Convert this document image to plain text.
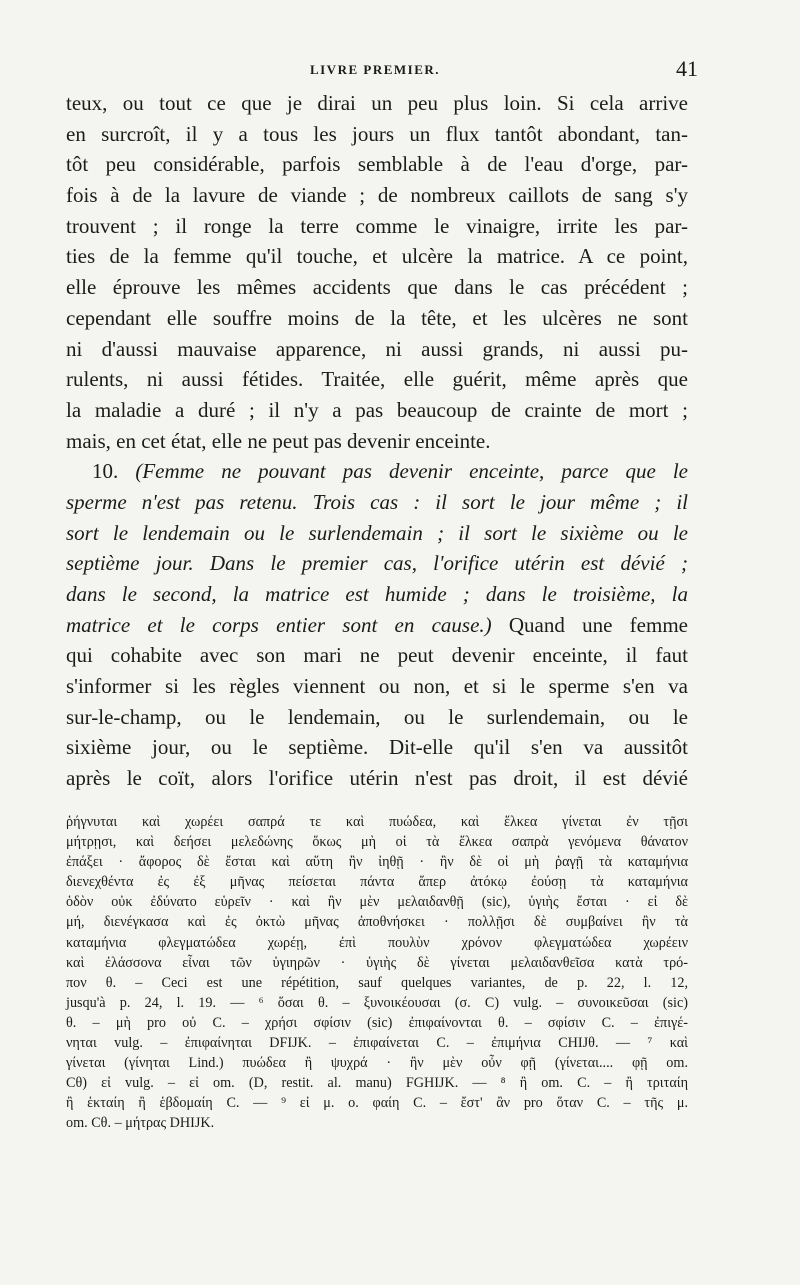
LIVRE PREMIER.	41
teux, ou tout ce que je dirai un peu plus loin. Si cela arrive
en surcroît, il y a tous les jours un flux tantôt abondant, tan-
tôt peu considérable, parfois semblable à de l'eau d'orge, par-
fois à de la lavure de viande ; de nombreux caillots de sang s'y
trouvent ; il ronge la terre comme le vinaigre, irrite les par-
ties de la femme qu'il touche, et ulcère la matrice. A ce point,
elle éprouve les mêmes accidents que dans le cas précédent ;
cependant elle souffre moins de la tête, et les ulcères ne sont
ni d'aussi mauvaise apparence, ni aussi grands, ni aussi pu-
rulents, ni aussi fétides. Traitée, elle guérit, même après que
la maladie a duré ; il n'y a pas beaucoup de crainte de mort ;
mais, en cet état, elle ne peut pas devenir enceinte.
10. (Femme ne pouvant pas devenir enceinte, parce que le
sperme n'est pas retenu. Trois cas : il sort le jour même ; il
sort le lendemain ou le surlendemain ; il sort le sixième ou le
septième jour. Dans le premier cas, l'orifice utérin est dévié ;
dans le second, la matrice est humide ; dans le troisième, la
matrice et le corps entier sont en cause.) Quand une femme
qui cohabite avec son mari ne peut devenir enceinte, il faut
s'informer si les règles viennent ou non, et si le sperme s'en va
sur-le-champ, ou le lendemain, ou le surlendemain, ou le
sixième jour, ou le septième. Dit-elle qu'il s'en va aussitôt
après le coït, alors l'orifice utérin n'est pas droit, il est dévié
ῥήγνυται καὶ χωρέει σαπρά τε καὶ πυώδεα, καὶ ἕλκεα γίνεται ἐν τῇσι
μήτρῃσι, καὶ δεήσει μελεδώνης ὅκως μὴ οἱ τὰ ἕλκεα σαπρὰ γενόμενα θάνατον
ἐπάξει · ἄφορος δὲ ἔσται καὶ αὕτη ἢν ἰηθῇ · ἢν δὲ οἱ μὴ ῥαγῇ τὰ καταμήνια
διενεχθέντα ἐς ἐξ μῆνας πείσεται πάντα ἅπερ ἀτόκῳ ἐούσῃ τὰ καταμήνια
ὁδὸν οὐκ ἐδύνατο εὑρεῖν · καὶ ἢν μὲν μελαιδανθῇ (sic), ὑγιὴς ἔσται · εἰ δὲ
μή, διενέγκασα καὶ ἐς ὀκτὼ μῆνας ἀποθνήσκει · πολλῇσι δὲ συμβαίνει ἢν τὰ
καταμήνια φλεγματώδεα χωρέῃ, ἐπὶ πουλὺν χρόνον φλεγματώδεα χωρέειν
καὶ ἐλάσσονα εἶναι τῶν ὑγιηρῶν · ὑγιὴς δὲ γίνεται μελαιδανθεῖσα κατὰ τρό-
πον θ. – Ceci est une répétition, sauf quelques variantes, de p. 22, l. 12,
jusqu'à p. 24, l. 19. — ⁶ ὅσαι θ. – ξυνοικέουσαι (σ. C) vulg. – συνοικεῦσαι (sic)
θ. – μὴ pro οὐ C. – χρήσι σφίσιν (sic) ἐπιφαίνονται θ. – σφίσιν C. – ἐπιγέ-
νηται vulg. – ἐπιφαίνηται DFIJK. – ἐπιφαίνεται C. – ἐπιμήνια CHIJθ. — ⁷ καὶ
γίνεται (γίνηται Lind.) πυώδεα ἢ ψυχρά · ἢν μὲν οὖν φῇ (γίνεται.... φῇ om.
Cθ) εἰ vulg. – εἰ om. (D, restit. al. manu) FGHIJK. — ⁸ ἢ om. C. – ἢ τριταίη
ἢ ἑκταίη ἢ ἑβδομαίη C. — ⁹ εἰ μ. ο. φαίη C. – ἔστ' ἂν pro ὅταν C. – τῆς μ.
om. Cθ. – μήτρας DHIJK.
